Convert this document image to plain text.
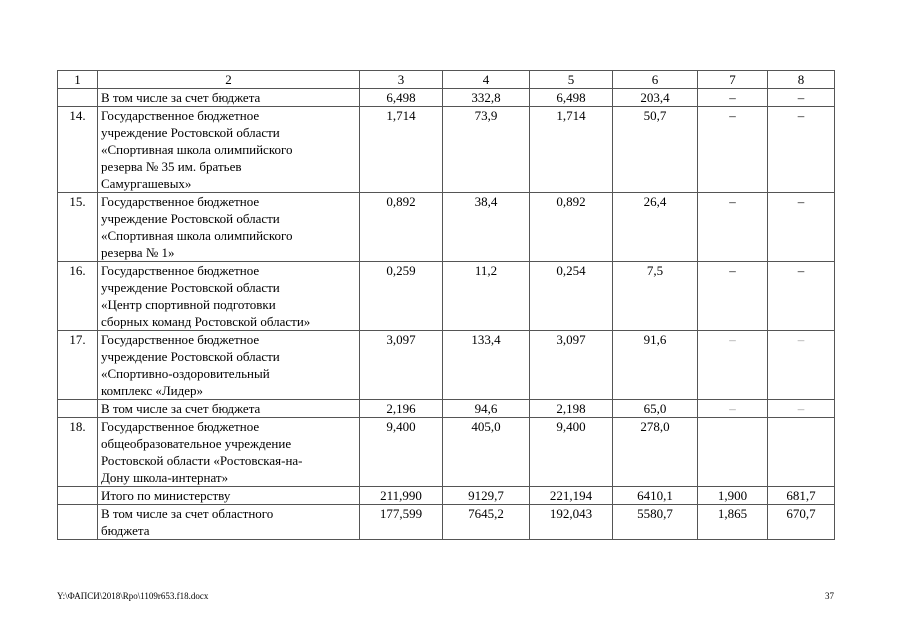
1	2	3	4	5	6	7	8
	В том числе за счет бюджета	6,498	332,8	6,498	203,4	–	–
14.	Государственное бюджетное
учреждение Ростовской области
«Спортивная школа олимпийского
резерва № 35 им. братьев
Самургашевых»	1,714	73,9	1,714	50,7	–	–
15.	Государственное бюджетное
учреждение Ростовской области
«Спортивная школа олимпийского
резерва № 1»	0,892	38,4	0,892	26,4	–	–
16.	Государственное бюджетное
учреждение Ростовской области
«Центр спортивной подготовки
сборных команд Ростовской области»	0,259	11,2	0,254	7,5	–	–
17.	Государственное бюджетное
учреждение Ростовской области
«Спортивно-оздоровительный
комплекс «Лидер»	3,097	133,4	3,097	91,6	–	–
	В том числе за счет бюджета	2,196	94,6	2,198	65,0	–	–
18.	Государственное бюджетное
общеобразовательное учреждение
Ростовской области «Ростовская-на-
Дону школа-интернат»	9,400	405,0	9,400	278,0		
	Итого по министерству	211,990	9129,7	221,194	6410,1	1,900	681,7
	В том числе за счет областного
бюджета	177,599	7645,2	192,043	5580,7	1,865	670,7
Y:\ФАПСИ\2018\Rpo\1109r653.f18.docx	37
